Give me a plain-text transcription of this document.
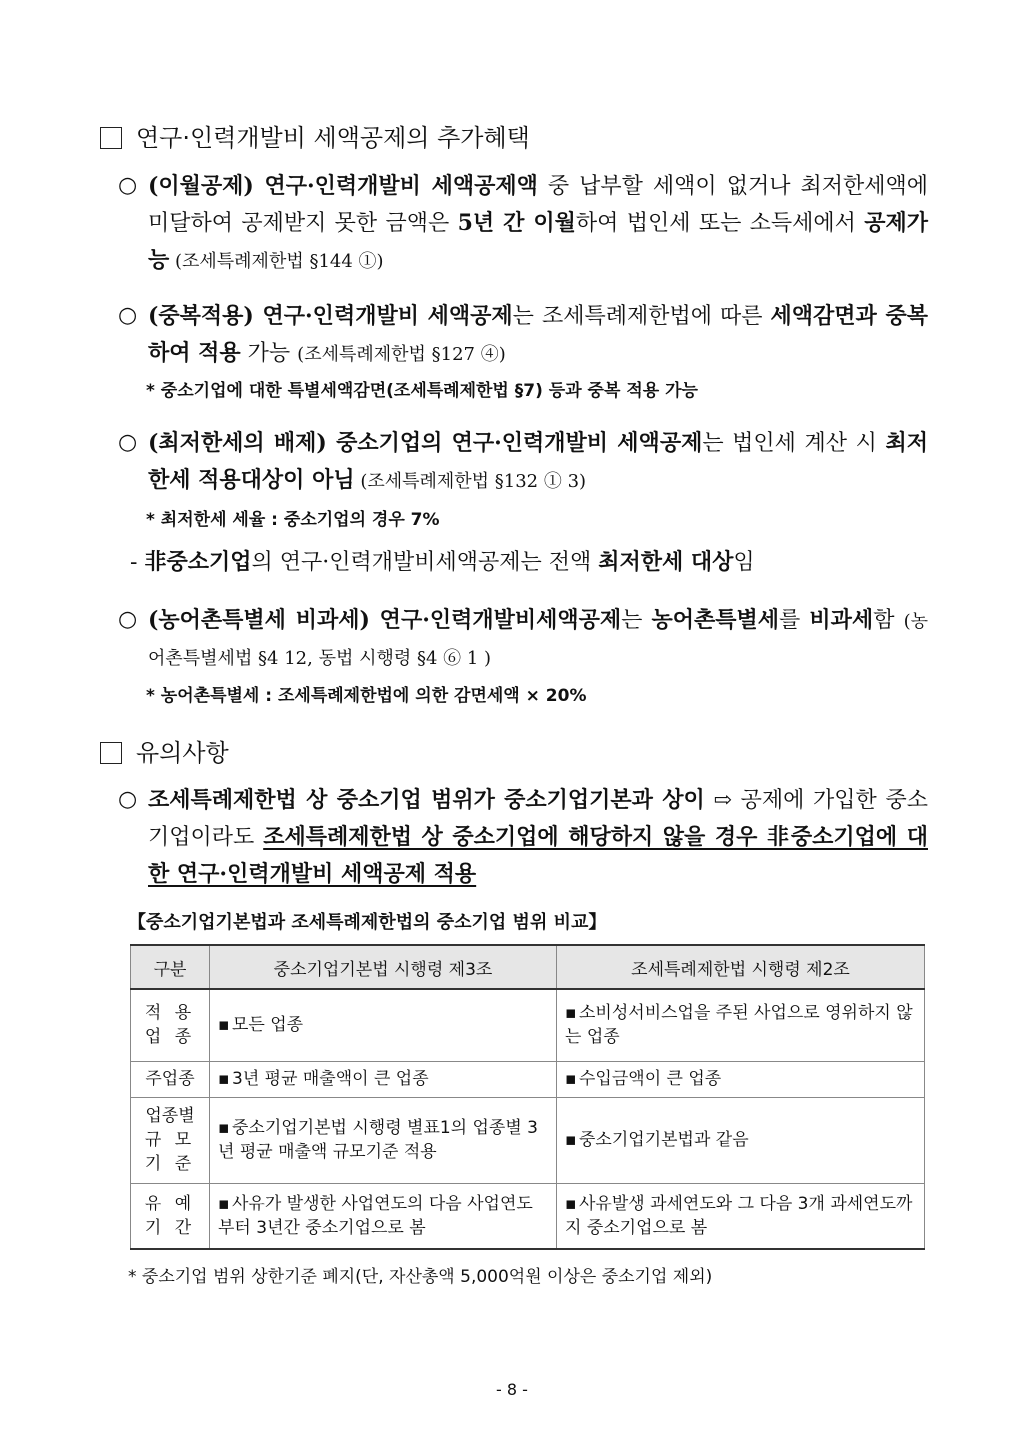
연구·인력개발비 세액공제의 추가혜택
○ (이월공제) 연구·인력개발비 세액공제액 중 납부할 세액이 없거나 최저한세액에 미달하여 공제받지 못한 금액은 5년 간 이월하여 법인세 또는 소득세에서 공제가능 (조세특례제한법 §144 ①)
○ (중복적용) 연구·인력개발비 세액공제는 조세특례제한법에 따른 세액감면과 중복하여 적용 가능 (조세특례제한법 §127 ④)
* 중소기업에 대한 특별세액감면(조세특례제한법 §7) 등과 중복 적용 가능
○ (최저한세의 배제) 중소기업의 연구·인력개발비 세액공제는 법인세 계산 시 최저한세 적용대상이 아님 (조세특례제한법 §132 ① 3)
* 최저한세 세율 : 중소기업의 경우 7%
- 非중소기업의 연구·인력개발비세액공제는 전액 최저한세 대상임
○ (농어촌특별세 비과세) 연구·인력개발비세액공제는 농어촌특별세를 비과세함 (농어촌특별세법 §4 12, 동법 시행령 §4 ⑥ 1 )
* 농어촌특별세 : 조세특례제한법에 의한 감면세액 × 20%
유의사항
○ 조세특례제한법 상 중소기업 범위가 중소기업기본과 상이 ⇨ 공제에 가입한 중소기업이라도 조세특례제한법 상 중소기업에 해당하지 않을 경우 非중소기업에 대한 연구·인력개발비 세액공제 적용
【중소기업기본법과 조세특례제한법의 중소기업 범위 비교】
구분	중소기업기본법 시행령 제3조	조세특례제한법 시행령 제2조

적 용
업 종	▪ 모든 업종	▪ 소비성서비스업을 주된 사업으로 영위하지 않는 업종

주업종	▪ 3년 평균 매출액이 큰 업종	▪ 수입금액이 큰 업종

업종별
규 모
기 준	▪ 중소기업기본법 시행령 별표1의 업종별 3년 평균 매출액 규모기준 적용	▪ 중소기업기본법과 같음

유 예
기 간	▪ 사유가 발생한 사업연도의 다음 사업연도부터 3년간 중소기업으로 봄	▪ 사유발생 과세연도와 그 다음 3개 과세연도까지 중소기업으로 봄
* 중소기업 범위 상한기준 폐지(단, 자산총액 5,000억원 이상은 중소기업 제외)
- 8 -
